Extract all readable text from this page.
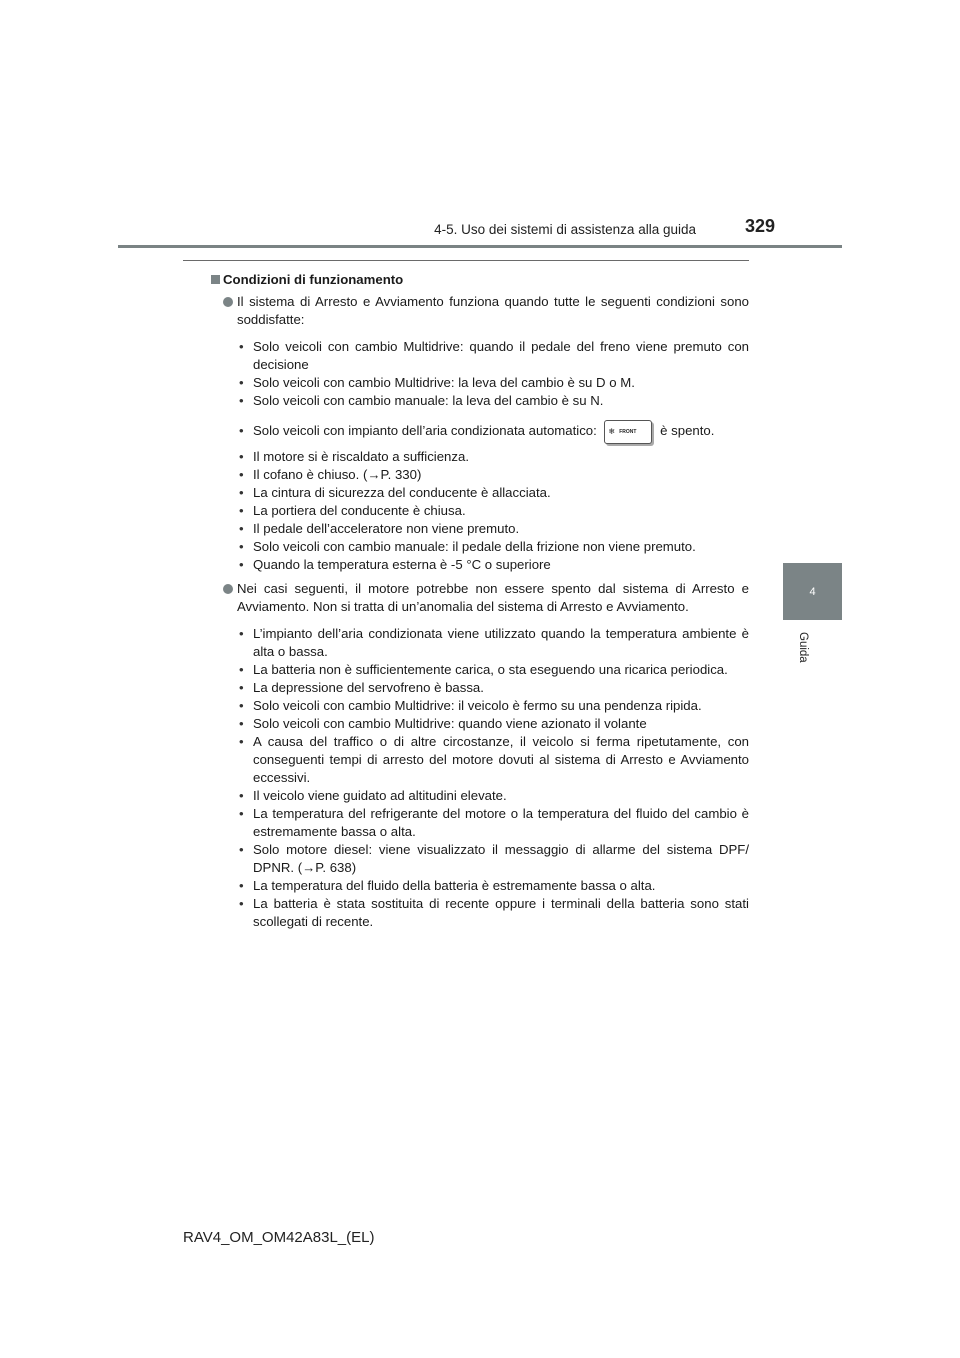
4-5. Uso dei sistemi di assistenza alla guida	329
4
Guida
Condizioni di funzionamento

Il sistema di Arresto e Avviamento funziona quando tutte le seguenti condizioni sono soddisfatte:

• Solo veicoli con cambio Multidrive: quando il pedale del freno viene premuto con decisione
• Solo veicoli con cambio Multidrive: la leva del cambio è su D o M.
• Solo veicoli con cambio manuale: la leva del cambio è su N.
• Solo veicoli con impianto dell’aria condizionata automatico: ❄ FRONT è spento.
• Il motore si è riscaldato a sufficienza.
• Il cofano è chiuso. (→P. 330)
• La cintura di sicurezza del conducente è allacciata.
• La portiera del conducente è chiusa.
• Il pedale dell’acceleratore non viene premuto.
• Solo veicoli con cambio manuale: il pedale della frizione non viene premuto.
• Quando la temperatura esterna è -5 °C o superiore

Nei casi seguenti, il motore potrebbe non essere spento dal sistema di Arresto e Avviamento. Non si tratta di un’anomalia del sistema di Arresto e Avviamento.

• L’impianto dell’aria condizionata viene utilizzato quando la temperatura ambiente è alta o bassa.
• La batteria non è sufficientemente carica, o sta eseguendo una ricarica periodica.
• La depressione del servofreno è bassa.
• Solo veicoli con cambio Multidrive: il veicolo è fermo su una pendenza ripida.
• Solo veicoli con cambio Multidrive: quando viene azionato il volante
• A causa del traffico o di altre circostanze, il veicolo si ferma ripetutamente, con conseguenti tempi di arresto del motore dovuti al sistema di Arresto e Avviamento eccessivi.
• Il veicolo viene guidato ad altitudini elevate.
• La temperatura del refrigerante del motore o la temperatura del fluido del cambio è estremamente bassa o alta.
• Solo motore diesel: viene visualizzato il messaggio di allarme del sistema DPF/ DPNR. (→P. 638)
• La temperatura del fluido della batteria è estremamente bassa o alta.
• La batteria è stata sostituita di recente oppure i terminali della batteria sono stati scollegati di recente.
RAV4_OM_OM42A83L_(EL)
